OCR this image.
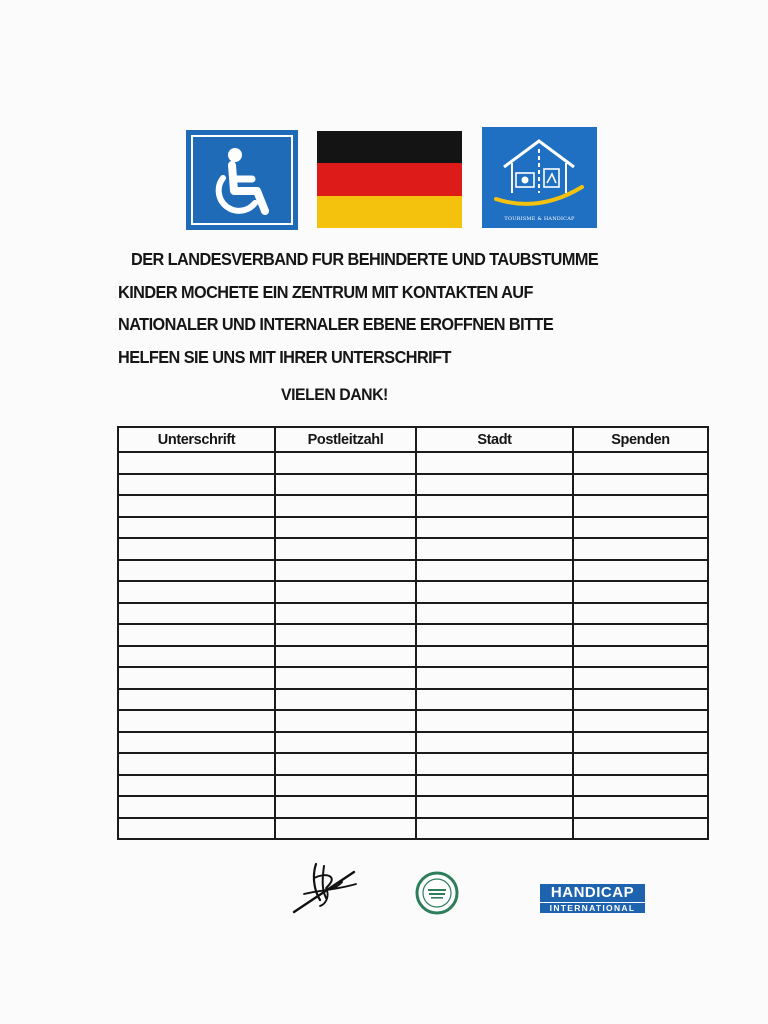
TOURISME & HANDICAP
DER LANDESVERBAND FUR BEHINDERTE UND TAUBSTUMME
KINDER MOCHETE EIN ZENTRUM MIT KONTAKTEN AUF
NATIONALER UND INTERNALER EBENE EROFFNEN BITTE
HELFEN SIE UNS MIT IHRER UNTERSCHRIFT
VIELEN DANK!
Unterschrift	Postleitzahl	Stadt	Spenden

HANDICAP
INTERNATIONAL
